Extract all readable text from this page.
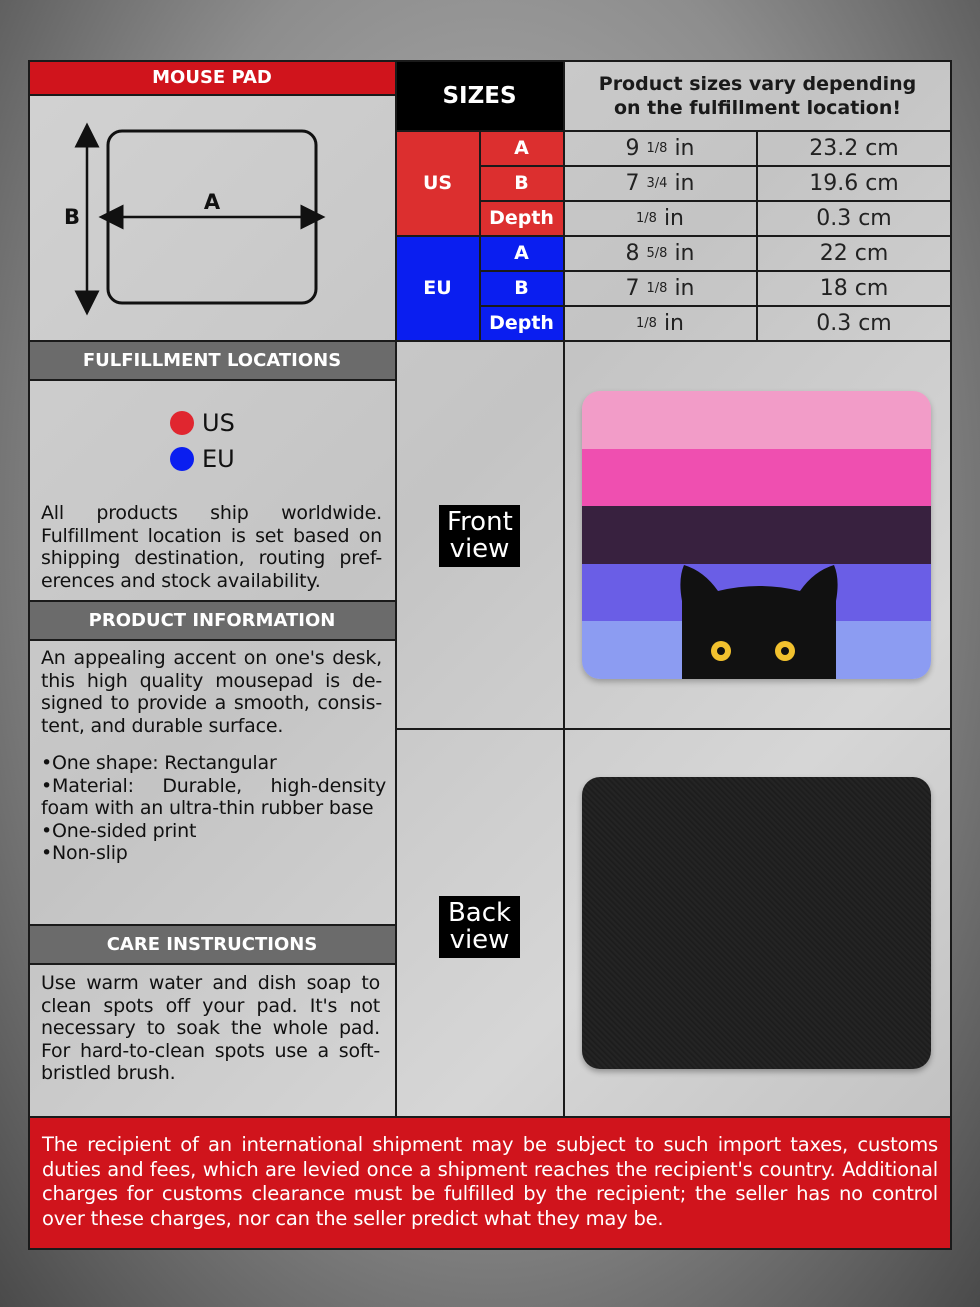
MOUSE PAD
A
B
SIZES	Product sizes vary depending on the fulfillment location!
US
EU
A
B
Depth
A
B
Depth
9
1 / 8
in
7
3 / 4
in
1 / 8
in
8
5 / 8
in
7
1 / 8
in
1 / 8
in
23.2 cm
19.6 cm
0.3 cm
22 cm
18 cm
0.3 cm
FULFILLMENT LOCATIONS
US
EU
All products ship worldwide. Fulfillment location is set based on shipping destination, routing pref-erences and stock availability.
PRODUCT INFORMATION
An appealing accent on one's desk, this high quality mousepad is de-signed to provide a smooth, consis-tent, and durable surface.
•One shape: Rectangular
•Material: Durable, high-density foam with an ultra-thin rubber base
•One-sided print
•Non-slip
CARE INSTRUCTIONS
Use warm water and dish soap to clean spots off your pad. It's not necessary to soak the whole pad. For hard-to-clean spots use a soft-bristled brush.
Front
view
Back
view
The recipient of an international shipment may be subject to such import taxes, customs duties and fees, which are levied once a shipment reaches the recipient's country. Additional charges for customs clearance must be fulfilled by the recipient; the seller has no control over these charges, nor can the seller predict what they may be.
